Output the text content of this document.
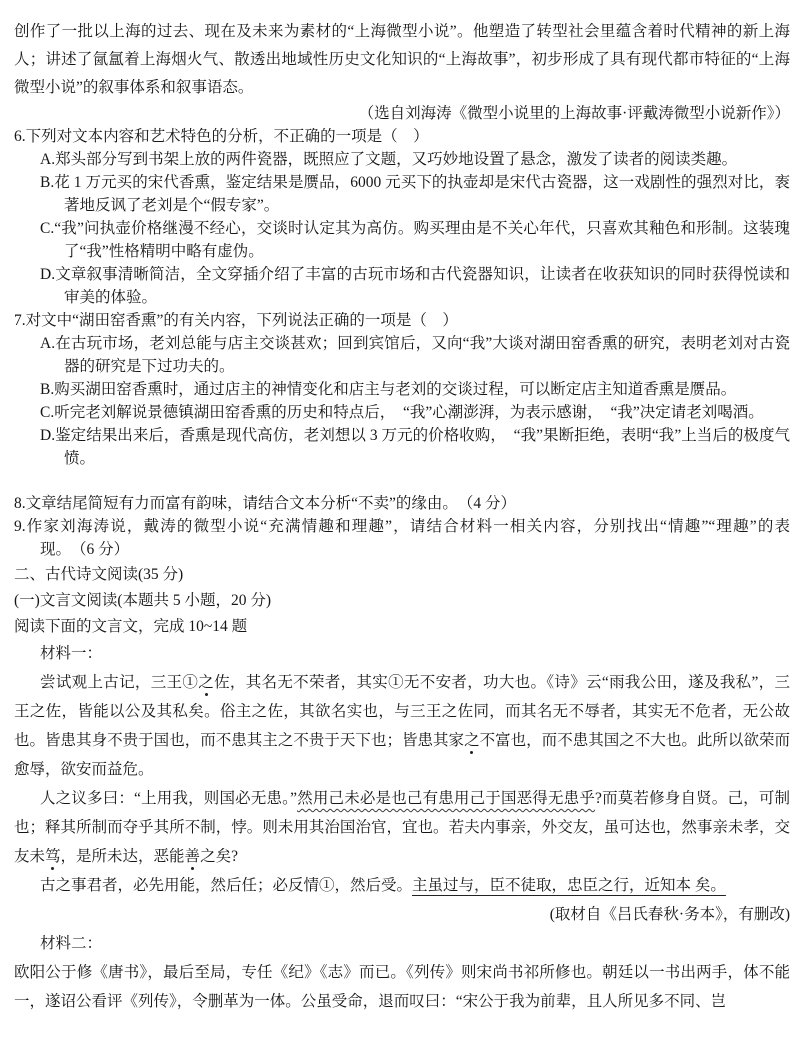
创作了一批以上海的过去、现在及未来为素材的“上海微型小说”。他塑造了转型社会里蕴含着时代精神的新上海人；讲述了氤氲着上海烟火气、散透出地域性历史文化知识的“上海故事”，初步形成了具有现代都市特征的“上海微型小说”的叙事体系和叙事语态。
（选自刘海涛《微型小说里的上海故事·评戴涛微型小说新作》）
6.下列对文本内容和艺术特色的分析，不正确的一项是（　）
A.郑头部分写到书架上放的两件瓷器，既照应了文题，又巧妙地设置了悬念，激发了读者的阅读类趣。
B.花 1 万元买的宋代香熏，鉴定结果是赝品，6000 元买下的执壶却是宋代古瓷器，这一戏剧性的强烈对比，袠著地反讽了老刘是个“假专家”。
C.“我”问执壶价格继漫不经心，交谈时认定其为高仿。购买理由是不关心年代，只喜欢其釉色和形制。这装瑰了“我”性格精明中略有虚伪。
D.文章叙事清晰简洁，全文穿插介绍了丰富的古玩市场和古代瓷器知识，让读者在收获知识的同时获得悦读和审美的体验。
7.对文中“湖田窑香熏”的有关内容，下列说法正确的一项是（　）
A.在古玩市场，老刘总能与店主交谈甚欢；回到宾馆后，又向“我”大谈对湖田窑香熏的研究，表明老刘对古瓷器的研究是下过功夫的。
B.购买湖田窑香熏时，通过店主的神情变化和店主与老刘的交谈过程，可以断定店主知道香熏是赝品。
C.听完老刘解说景德镇湖田窑香熏的历史和特点后，　“我”心潮澎湃，为表示感谢，　“我”决定请老刘喝酒。
D.鉴定结果出来后，香熏是现代高仿，老刘想以 3 万元的价格收购，　“我”果断拒绝，表明“我”上当后的极度气愤。
8.文章结尾简短有力而富有韵味，请结合文本分析“不卖”的缘由。　（4 分）
9.作家刘海涛说，戴涛的微型小说“充满情趣和理趣”，请结合材料一相关内容，分别找出“情趣”“理趣”的表
现。　（6 分）
二、古代诗文阅读(35 分)
(一)文言文阅读(本题共 5 小题，20 分)
阅读下面的文言文，完成 10~14 题
材料一：
尝试观上古记，三王①之佐，其名无不荣者，其实①无不安者，功大也。《诗》云“雨我公田，遂及我私”，三王之佐，皆能以公及其私矣。俗主之佐，其欲名实也，与三王之佐同，而其名无不辱者，其实无不危者，无公故也。皆患其身不贵于国也，而不患其主之不贵于天下也；皆患其家之不富也，而不患其国之不大也。此所以欲荣而愈辱，欲安而益危。
人之议多曰：“上用我，则国必无患。”然用己未必是也己有患用己于国恶得无患乎?而莫若修身自贤。己，可制也；释其所制而夺乎其所不制，悖。则未用其治国治官，宜也。若夫内事亲，外交友，虽可达也，然事亲未孝，交友未笃，是所未达，恶能善之矣?
古之事君者，必先用能，然后任；必反情①，然后受。主虽过与，臣不徒取，忠臣之行，近知本 矣。
(取材自《吕氏春秋·务本》，有删改)
材料二：
欧阳公于修《唐书》，最后至局，专任《纪》《志》而已。《列传》则宋尚书祁所修也。朝廷以一书出两手，体不能一，遂诏公看评《列传》，令删革为一体。公虽受命，退而叹曰：“宋公于我为前辈，且人所见多不同、岂
